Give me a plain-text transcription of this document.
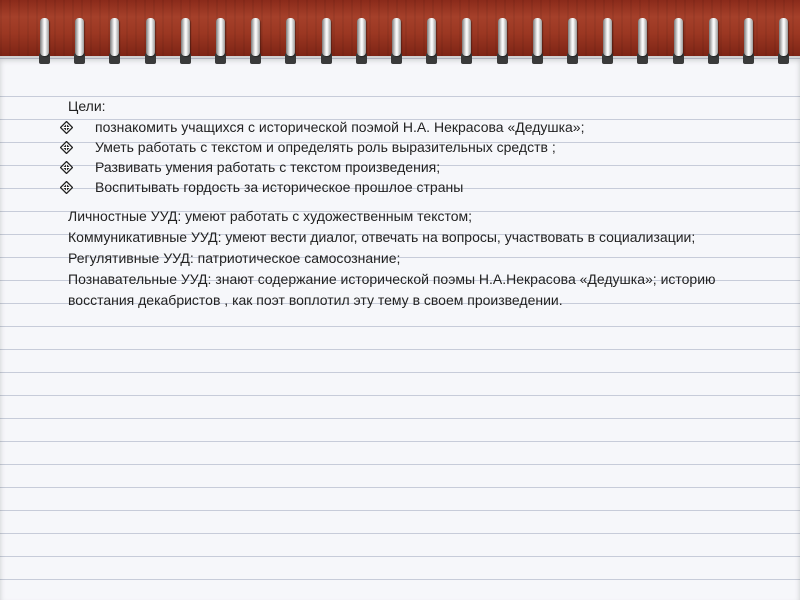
Цели:
познакомить учащихся с исторической поэмой Н.А. Некрасова «Дедушка»;
Уметь работать с текстом и определять роль выразительных средств ;
Развивать умения работать с текстом произведения;
Воспитывать гордость за историческое прошлое страны

Личностные УУД: умеют работать с художественным текстом;

Коммуникативные УУД: умеют вести диалог, отвечать на вопросы, участвовать в социализации;

Регулятивные УУД: патриотическое самосознание;

Познавательные УУД: знают содержание исторической поэмы Н.А.Некрасова «Дедушка»; историю восстания декабристов , как поэт воплотил эту тему в своем произведении.
